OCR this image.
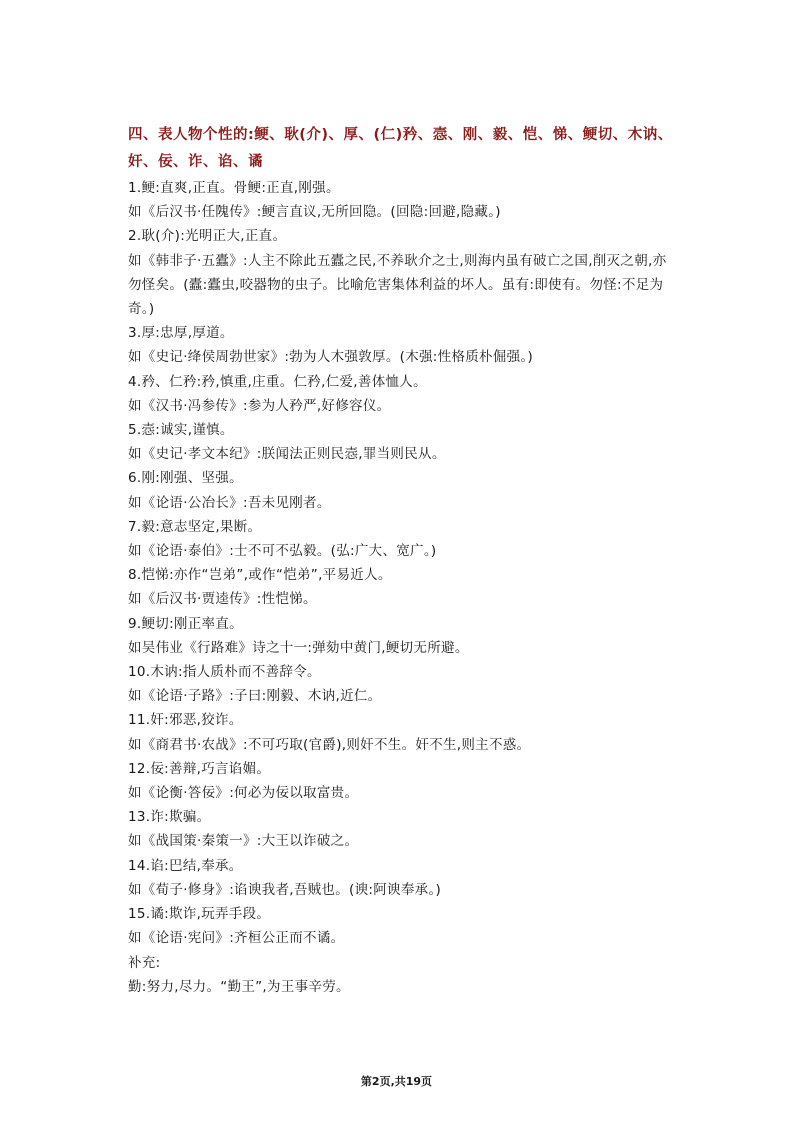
四、表人物个性的:鲠、耿(介)、厚、(仁)矜、悫、刚、毅、恺、悌、鲠切、木讷、奸、佞、诈、谄、谲
1.鲠:直爽,正直。骨鲠:正直,刚强。
如《后汉书·任隗传》:鲠言直议,无所回隐。(回隐:回避,隐藏。)
2.耿(介):光明正大,正直。
如《韩非子·五蠹》:人主不除此五蠹之民,不养耿介之士,则海内虽有破亡之国,削灭之朝,亦勿怪矣。(蠹:蠹虫,咬器物的虫子。比喻危害集体利益的坏人。虽有:即使有。勿怪:不足为奇。)
3.厚:忠厚,厚道。
如《史记·绛侯周勃世家》:勃为人木强敦厚。(木强:性格质朴倔强。)
4.矜、仁矜:矜,慎重,庄重。仁矜,仁爱,善体恤人。
如《汉书·冯参传》:参为人矜严,好修容仪。
5.悫:诚实,谨慎。
如《史记·孝文本纪》:朕闻法正则民悫,罪当则民从。
6.刚:刚强、坚强。
如《论语·公冶长》:吾未见刚者。
7.毅:意志坚定,果断。
如《论语·泰伯》:士不可不弘毅。(弘:广大、宽广。)
8.恺悌:亦作“岂弟”,或作“恺弟”,平易近人。
如《后汉书·贾逵传》:性恺悌。
9.鲠切:刚正率直。
如吴伟业《行路难》诗之十一:弹劾中黄门,鲠切无所避。
10.木讷:指人质朴而不善辞令。
如《论语·子路》:子曰:刚毅、木讷,近仁。
11.奸:邪恶,狡诈。
如《商君书·农战》:不可巧取(官爵),则奸不生。奸不生,则主不惑。
12.佞:善辩,巧言谄媚。
如《论衡·答佞》:何必为佞以取富贵。
13.诈:欺骗。
如《战国策·秦策一》:大王以诈破之。
14.谄:巴结,奉承。
如《荀子·修身》:谄谀我者,吾贼也。(谀:阿谀奉承。)
15.谲:欺诈,玩弄手段。
如《论语·宪问》:齐桓公正而不谲。
补充:
勤:努力,尽力。“勤王”,为王事辛劳。
第2页,共19页
